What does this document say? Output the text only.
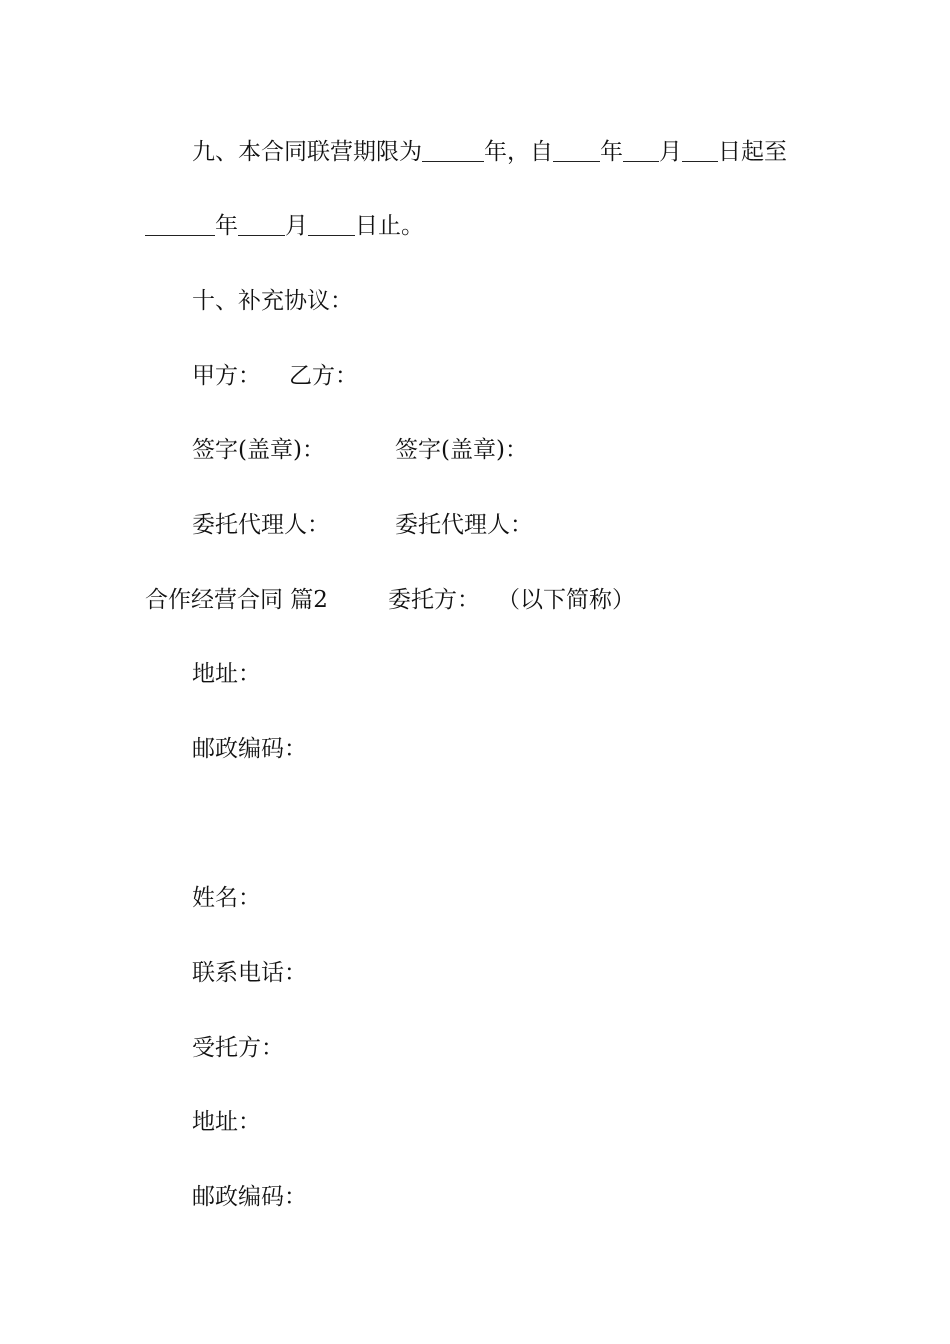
九、本合同联营期限为	年，自 年 月 日起至
年 月 日止。
十、补充协议：
甲方： 乙方：
签字(盖章)：	签字(盖章)：
委托代理人：	委托代理人：
合作经营合同 篇2	委托方： （以下简称）
地址：
邮政编码：
姓名：
联系电话：
受托方：
地址：
邮政编码：
